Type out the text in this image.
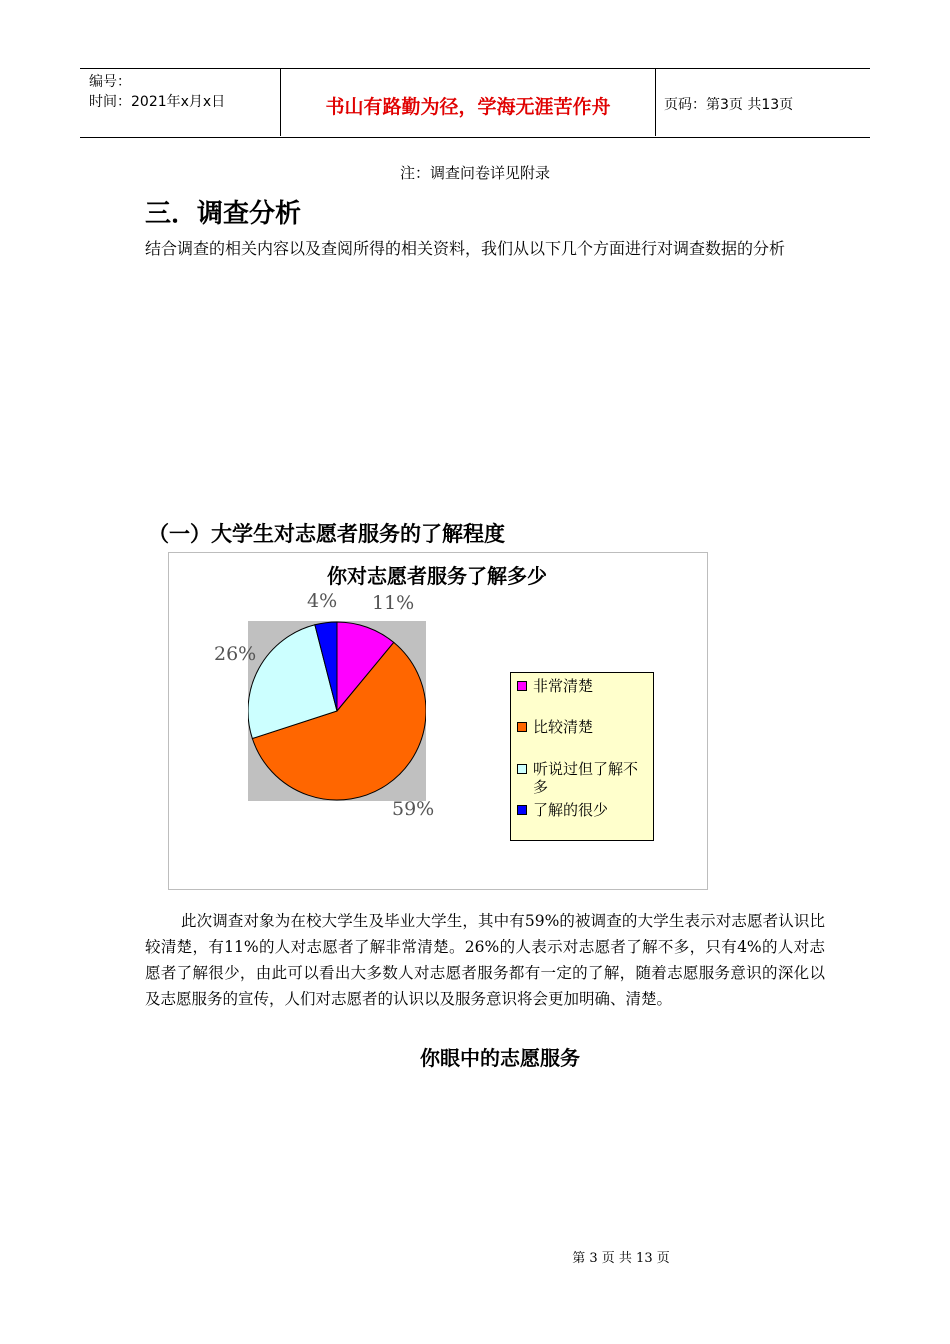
编号：
时间：2021年x月x日	书山有路勤为径，学海无涯苦作舟	页码：第3页 共13页
注：调查问卷详见附录
三．调查分析
结合调查的相关内容以及查阅所得的相关资料，我们从以下几个方面进行对调查数据的分析
（一）大学生对志愿者服务的了解程度
你对志愿者服务了解多少
11%
59%
26%
4%
非常清楚
比较清楚
听说过但了解不多
了解的很少
此次调查对象为在校大学生及毕业大学生，其中有59%的被调查的大学生表示对志愿者认识比较清楚，有11%的人对志愿者了解非常清楚。26%的人表示对志愿者了解不多，只有4%的人对志愿者了解很少，由此可以看出大多数人对志愿者服务都有一定的了解，随着志愿服务意识的深化以及志愿服务的宣传，人们对志愿者的认识以及服务意识将会更加明确、清楚。
你眼中的志愿服务
第 3 页 共 13 页
